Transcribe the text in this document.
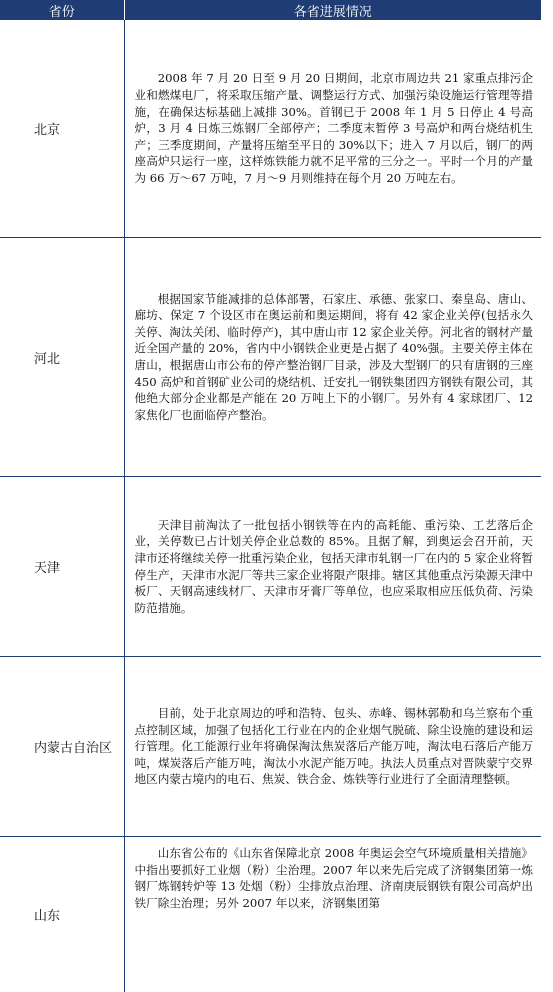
省份	各省进展情况
北京	2008 年 7 月 20 日至 9 月 20 日期间，北京市周边共 21 家重点排污企业和燃煤电厂，将采取压缩产量、调整运行方式、加强污染设施运行管理等措施，在确保达标基础上减排 30%。首钢已于 2008 年 1 月 5 日停止 4 号高炉，3 月 4 日炼三炼钢厂全部停产；二季度末暂停 3 号高炉和两台烧结机生产；三季度期间，产量将压缩至平日的 30%以下；进入 7 月以后，钢厂的两座高炉只运行一座，这样炼铁能力就不足平常的三分之一。平时一个月的产量为 66 万～67 万吨，7 月～9 月则维持在每个月 20 万吨左右。
河北	根据国家节能减排的总体部署，石家庄、承德、张家口、秦皇岛、唐山、廊坊、保定 7 个设区市在奥运前和奥运期间，将有 42 家企业关停(包括永久关停、淘汰关闭、临时停产)，其中唐山市 12 家企业关停。河北省的钢材产量近全国产量的 20%，省内中小钢铁企业更是占据了 40%强。主要关停主体在唐山，根据唐山市公布的停产整治钢厂目录，涉及大型钢厂的只有唐钢的三座 450 高炉和首钢矿业公司的烧结机、迁安扎一钢铁集团四方钢铁有限公司，其他绝大部分企业都是产能在 20 万吨上下的小钢厂。另外有 4 家球团厂、12 家焦化厂也面临停产整治。
天津	天津目前淘汰了一批包括小钢铁等在内的高耗能、重污染、工艺落后企业，关停数已占计划关停企业总数的 85%。且据了解，到奥运会召开前，天津市还将继续关停一批重污染企业，包括天津市轧钢一厂在内的 5 家企业将暂停生产，天津市水泥厂等共三家企业将限产限排。辖区其他重点污染源天津中板厂、天钢高速线材厂、天津市牙膏厂等单位，也应采取相应压低负荷、污染防范措施。
内蒙古自治区	目前，处于北京周边的呼和浩特、包头、赤峰、锡林郭勒和乌兰察布个重点控制区域，加强了包括化工行业在内的企业烟气脱硫、除尘设施的建设和运行管理。化工能源行业年将确保淘汰焦炭落后产能万吨，淘汰电石落后产能万吨，煤炭落后产能万吨，淘汰小水泥产能万吨。执法人员重点对晋陕蒙宁交界地区内蒙古境内的电石、焦炭、铁合金、炼铁等行业进行了全面清理整顿。
山东	山东省公布的《山东省保障北京 2008 年奥运会空气环境质量相关措施》中指出要抓好工业烟（粉）尘治理。2007 年以来先后完成了济钢集团第一炼钢厂炼钢转炉等 13 处烟（粉）尘排放点治理、济南庚辰钢铁有限公司高炉出铁厂除尘治理；另外 2007 年以来，济钢集团第
